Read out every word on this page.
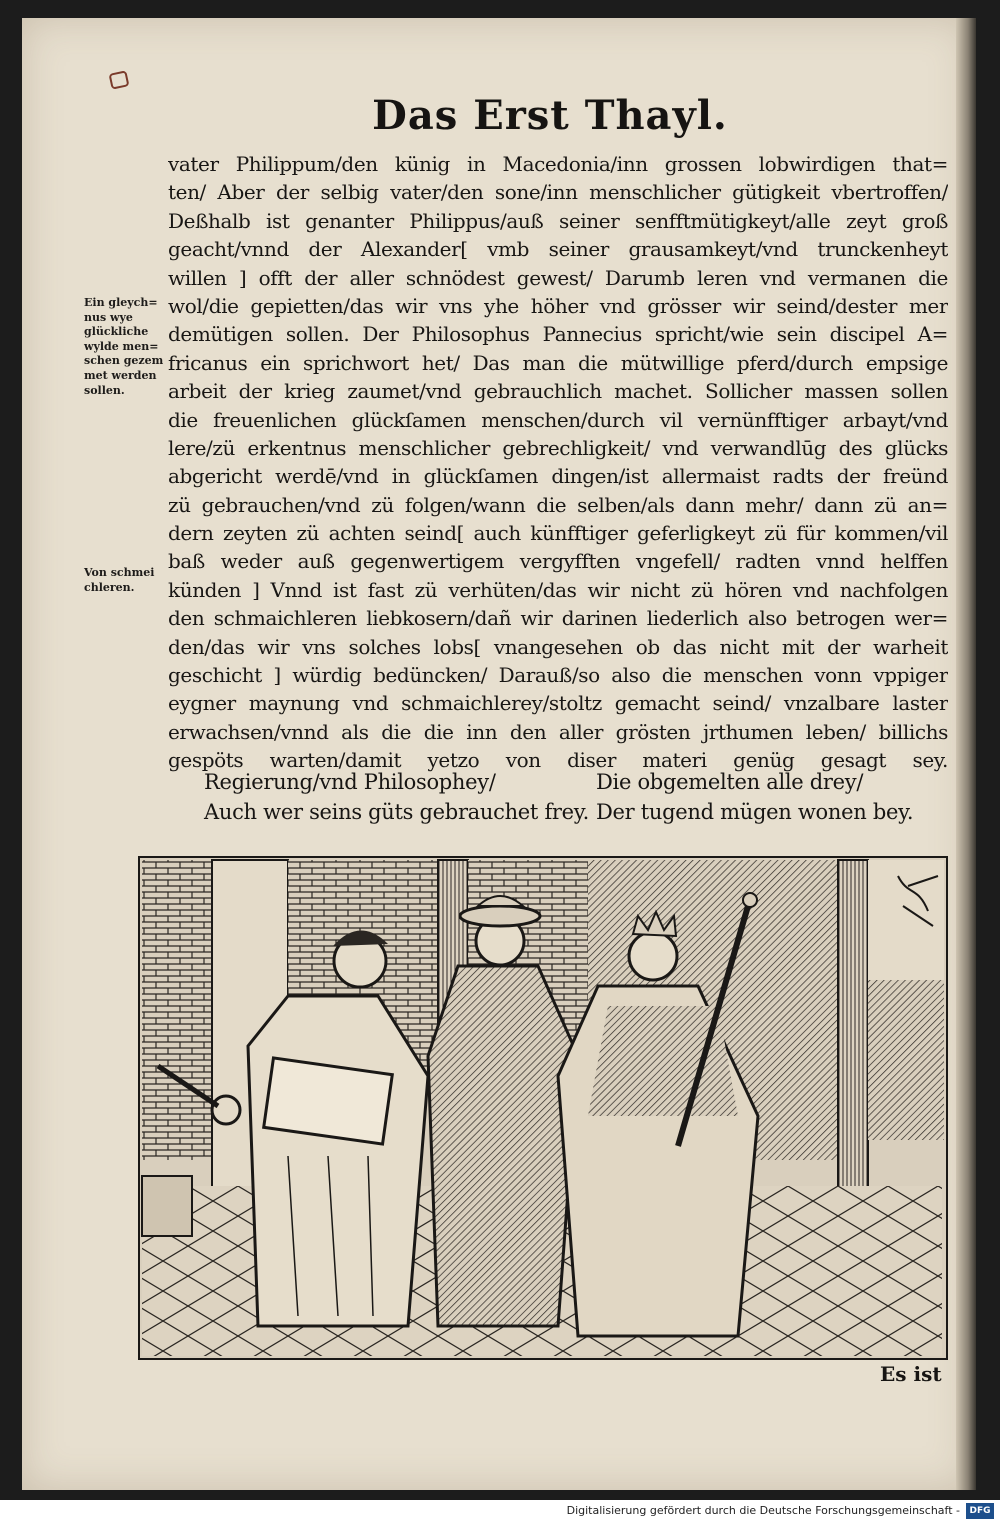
Das Erst Thayl.
vater Philippum/den künig in Macedonia/inn grossen lobwirdigen that=
ten/ Aber der selbig vater/den sone/inn menschlicher gütigkeit vbertroffen/
Deßhalb ist genanter Philippus/auß seiner senfftmütigkeyt/alle zeyt groß
geacht/vnnd der Alexander[ vmb seiner grausamkeyt/vnd trunckenheyt
willen ] offt der aller schnödest gewest/ Darumb leren vnd vermanen die
wol/die gepietten/das wir vns yhe höher vnd grösser wir seind/dester mer
demütigen sollen. Der Philosophus Pannecius spricht/wie sein discipel A=
fricanus ein sprichwort het/ Das man die mütwillige pferd/durch empsige
arbeit der krieg zaumet/vnd gebrauchlich machet. Sollicher massen sollen
die freuenlichen glückſamen menschen/durch vil vernünfftiger arbayt/vnd
lere/zü erkentnus menschlicher gebrechligkeit/ vnd verwandlūg des glücks
abgericht werdē/vnd in glückſamen dingen/ist allermaist radts der freünd
zü gebrauchen/vnd zü folgen/wann die selben/als dann mehr/ dann zü an=
dern zeyten zü achten seind[ auch künfftiger geferligkeyt zü für kommen/vil
baß weder auß gegenwertigem vergyfften vngefell/ radten vnnd helffen
künden ] Vnnd ist fast zü verhüten/das wir nicht zü hören vnd nachfolgen
den schmaichleren liebkosern/dañ wir darinen liederlich also betrogen wer=
den/das wir vns solches lobs[ vnangesehen ob das nicht mit der warheit
geschicht ] würdig bedüncken/ Darauß/so also die menschen vonn vppiger
eygner maynung vnd schmaichlerey/stoltz gemacht seind/ vnzalbare laster
erwachsen/vnnd als die die inn den aller grösten jrthumen leben/ billichs
gespöts warten/damit yetzo von diser materi genüg gesagt sey.
Ein gleych=
nus wye
glückliche
wylde men=
schen gezem
met werden
sollen.
Von schmei
chleren.
Regierung/vnd Philosophey/
Auch wer seins güts gebrauchet frey.
Die obgemelten alle drey/
Der tugend mügen wonen bey.
Es ist
Digitalisierung gefördert durch die Deutsche Forschungsgemeinschaft -	DFG
